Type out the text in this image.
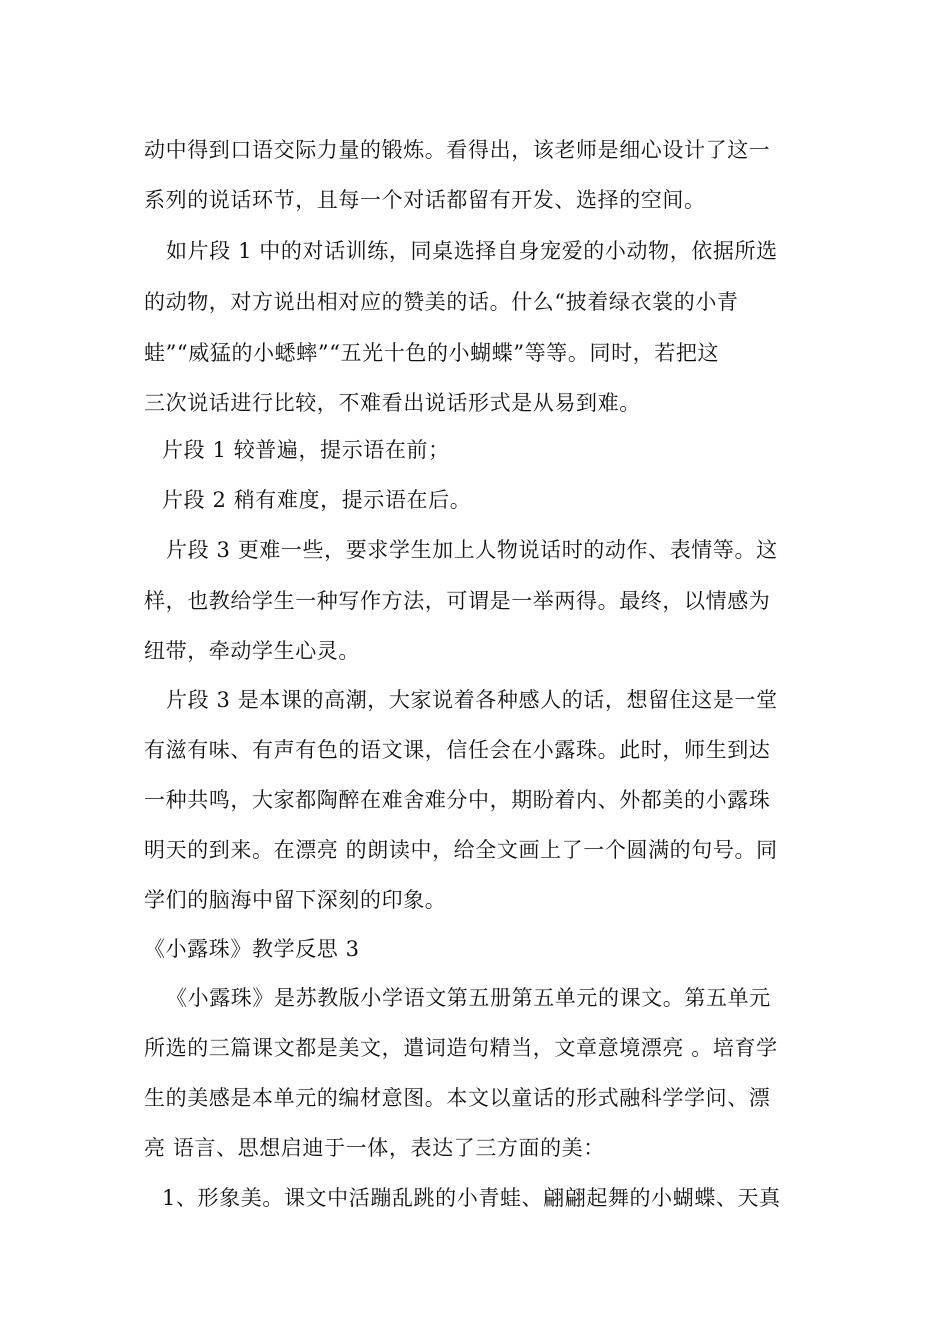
动中得到口语交际力量的锻炼。看得出，该老师是细心设计了这一
系列的说话环节，且每一个对话都留有开发、选择的空间。
如片段 1 中的对话训练，同桌选择自身宠爱的小动物，依据所选
的动物，对方说出相对应的赞美的话。什么“披着绿衣裳的小青
蛙”“威猛的小蟋蟀”“五光十色的小蝴蝶”等等。同时，若把这
三次说话进行比较，不难看出说话形式是从易到难。
片段 1 较普遍，提示语在前；
片段 2 稍有难度，提示语在后。
片段 3 更难一些，要求学生加上人物说话时的动作、表情等。这
样，也教给学生一种写作方法，可谓是一举两得。最终，以情感为
纽带，牵动学生心灵。
片段 3 是本课的高潮，大家说着各种感人的话，想留住这是一堂
有滋有味、有声有色的语文课，信任会在小露珠。此时，师生到达
一种共鸣，大家都陶醉在难舍难分中，期盼着内、外都美的小露珠
明天的到来。在漂亮 的朗读中，给全文画上了一个圆满的句号。同
学们的脑海中留下深刻的印象。
《小露珠》教学反思 3
《小露珠》是苏教版小学语文第五册第五单元的课文。第五单元
所选的三篇课文都是美文，遣词造句精当，文章意境漂亮 。培育学
生的美感是本单元的编材意图。本文以童话的形式融科学学问、漂
亮 语言、思想启迪于一体，表达了三方面的美：
1、形象美。课文中活蹦乱跳的小青蛙、翩翩起舞的小蝴蝶、天真
